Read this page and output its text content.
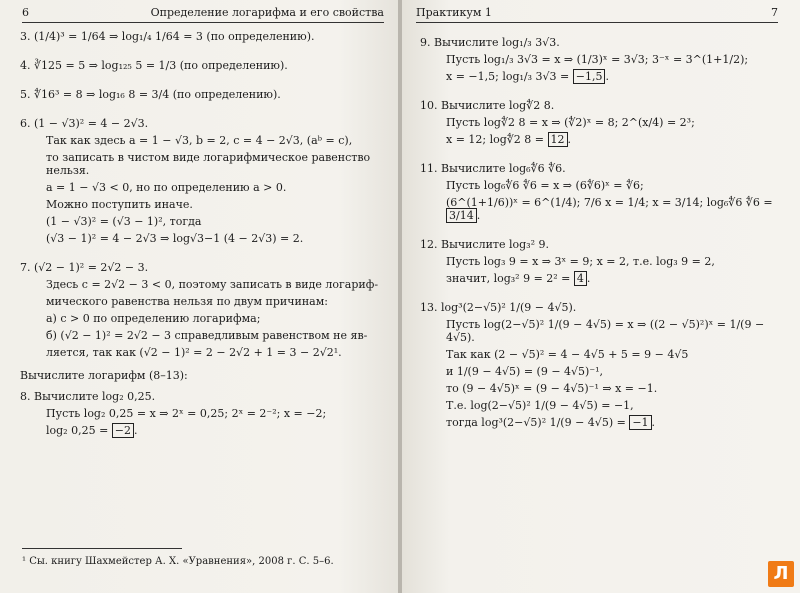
6	Определение логарифма и его свойства
3. (1/4)³ = 1/64 ⇒ log₁/₄ 1/64 = 3 (по определению).
4. ∛125 = 5 ⇒ log₁₂₅ 5 = 1/3 (по определению).
5. ∜16³ = 8 ⇒ log₁₆ 8 = 3/4 (по определению).
6. (1 − √3)² = 4 − 2√3.
Так как здесь a = 1 − √3, b = 2, c = 4 − 2√3, (aᵇ = c),
то записать в чистом виде логарифмическое равенство нельзя.
a = 1 − √3 < 0, но по определению a > 0.
Можно поступить иначе.
(1 − √3)² = (√3 − 1)², тогда
(√3 − 1)² = 4 − 2√3 ⇒ log√3−1 (4 − 2√3) = 2.
7. (√2 − 1)² = 2√2 − 3.
Здесь c = 2√2 − 3 < 0, поэтому записать в виде логариф-
мического равенства нельзя по двум причинам:
а) c > 0 по определению логарифма;
б) (√2 − 1)² = 2√2 − 3 справедливым равенством не яв-
ляется, так как (√2 − 1)² = 2 − 2√2 + 1 = 3 − 2√2¹.
Вычислите логарифм (8–13):
8. Вычислите log₂ 0,25.
Пусть log₂ 0,25 = x ⇒ 2ˣ = 0,25; 2ˣ = 2⁻²; x = −2;
log₂ 0,25 = −2 .
¹ Сы. книгу Шахмейстер А. Х. «Уравнения», 2008 г. С. 5–6.
Практикум 1	7
9. Вычислите log₁/₃ 3√3.
Пусть log₁/₃ 3√3 = x ⇒ (1/3)ˣ = 3√3; 3⁻ˣ = 3^(1+1/2);
x = −1,5; log₁/₃ 3√3 = −1,5 .
10. Вычислите log∜2 8.
Пусть log∜2 8 = x ⇒ (∜2)ˣ = 8; 2^(x/4) = 2³;
x = 12; log∜2 8 = 12 .
11. Вычислите log₆∜6 ∜6.
Пусть log₆∜6 ∜6 = x ⇒ (6∜6)ˣ = ∜6;
(6^(1+1/6))ˣ = 6^(1/4); 7/6 x = 1/4; x = 3/14; log₆∜6 ∜6 = 3/14 .
12. Вычислите log₃² 9.
Пусть log₃ 9 = x ⇒ 3ˣ = 9; x = 2, т.е. log₃ 9 = 2,
значит, log₃² 9 = 2² = 4 .
13. log³(2−√5)² 1/(9 − 4√5).
Пусть log(2−√5)² 1/(9 − 4√5) = x ⇒ ((2 − √5)²)ˣ = 1/(9 − 4√5).
Так как (2 − √5)² = 4 − 4√5 + 5 = 9 − 4√5
и 1/(9 − 4√5) = (9 − 4√5)⁻¹,
то (9 − 4√5)ˣ = (9 − 4√5)⁻¹ ⇒ x = −1.
Т.е. log(2−√5)² 1/(9 − 4√5) = −1,
тогда log³(2−√5)² 1/(9 − 4√5) = −1 .
Л
